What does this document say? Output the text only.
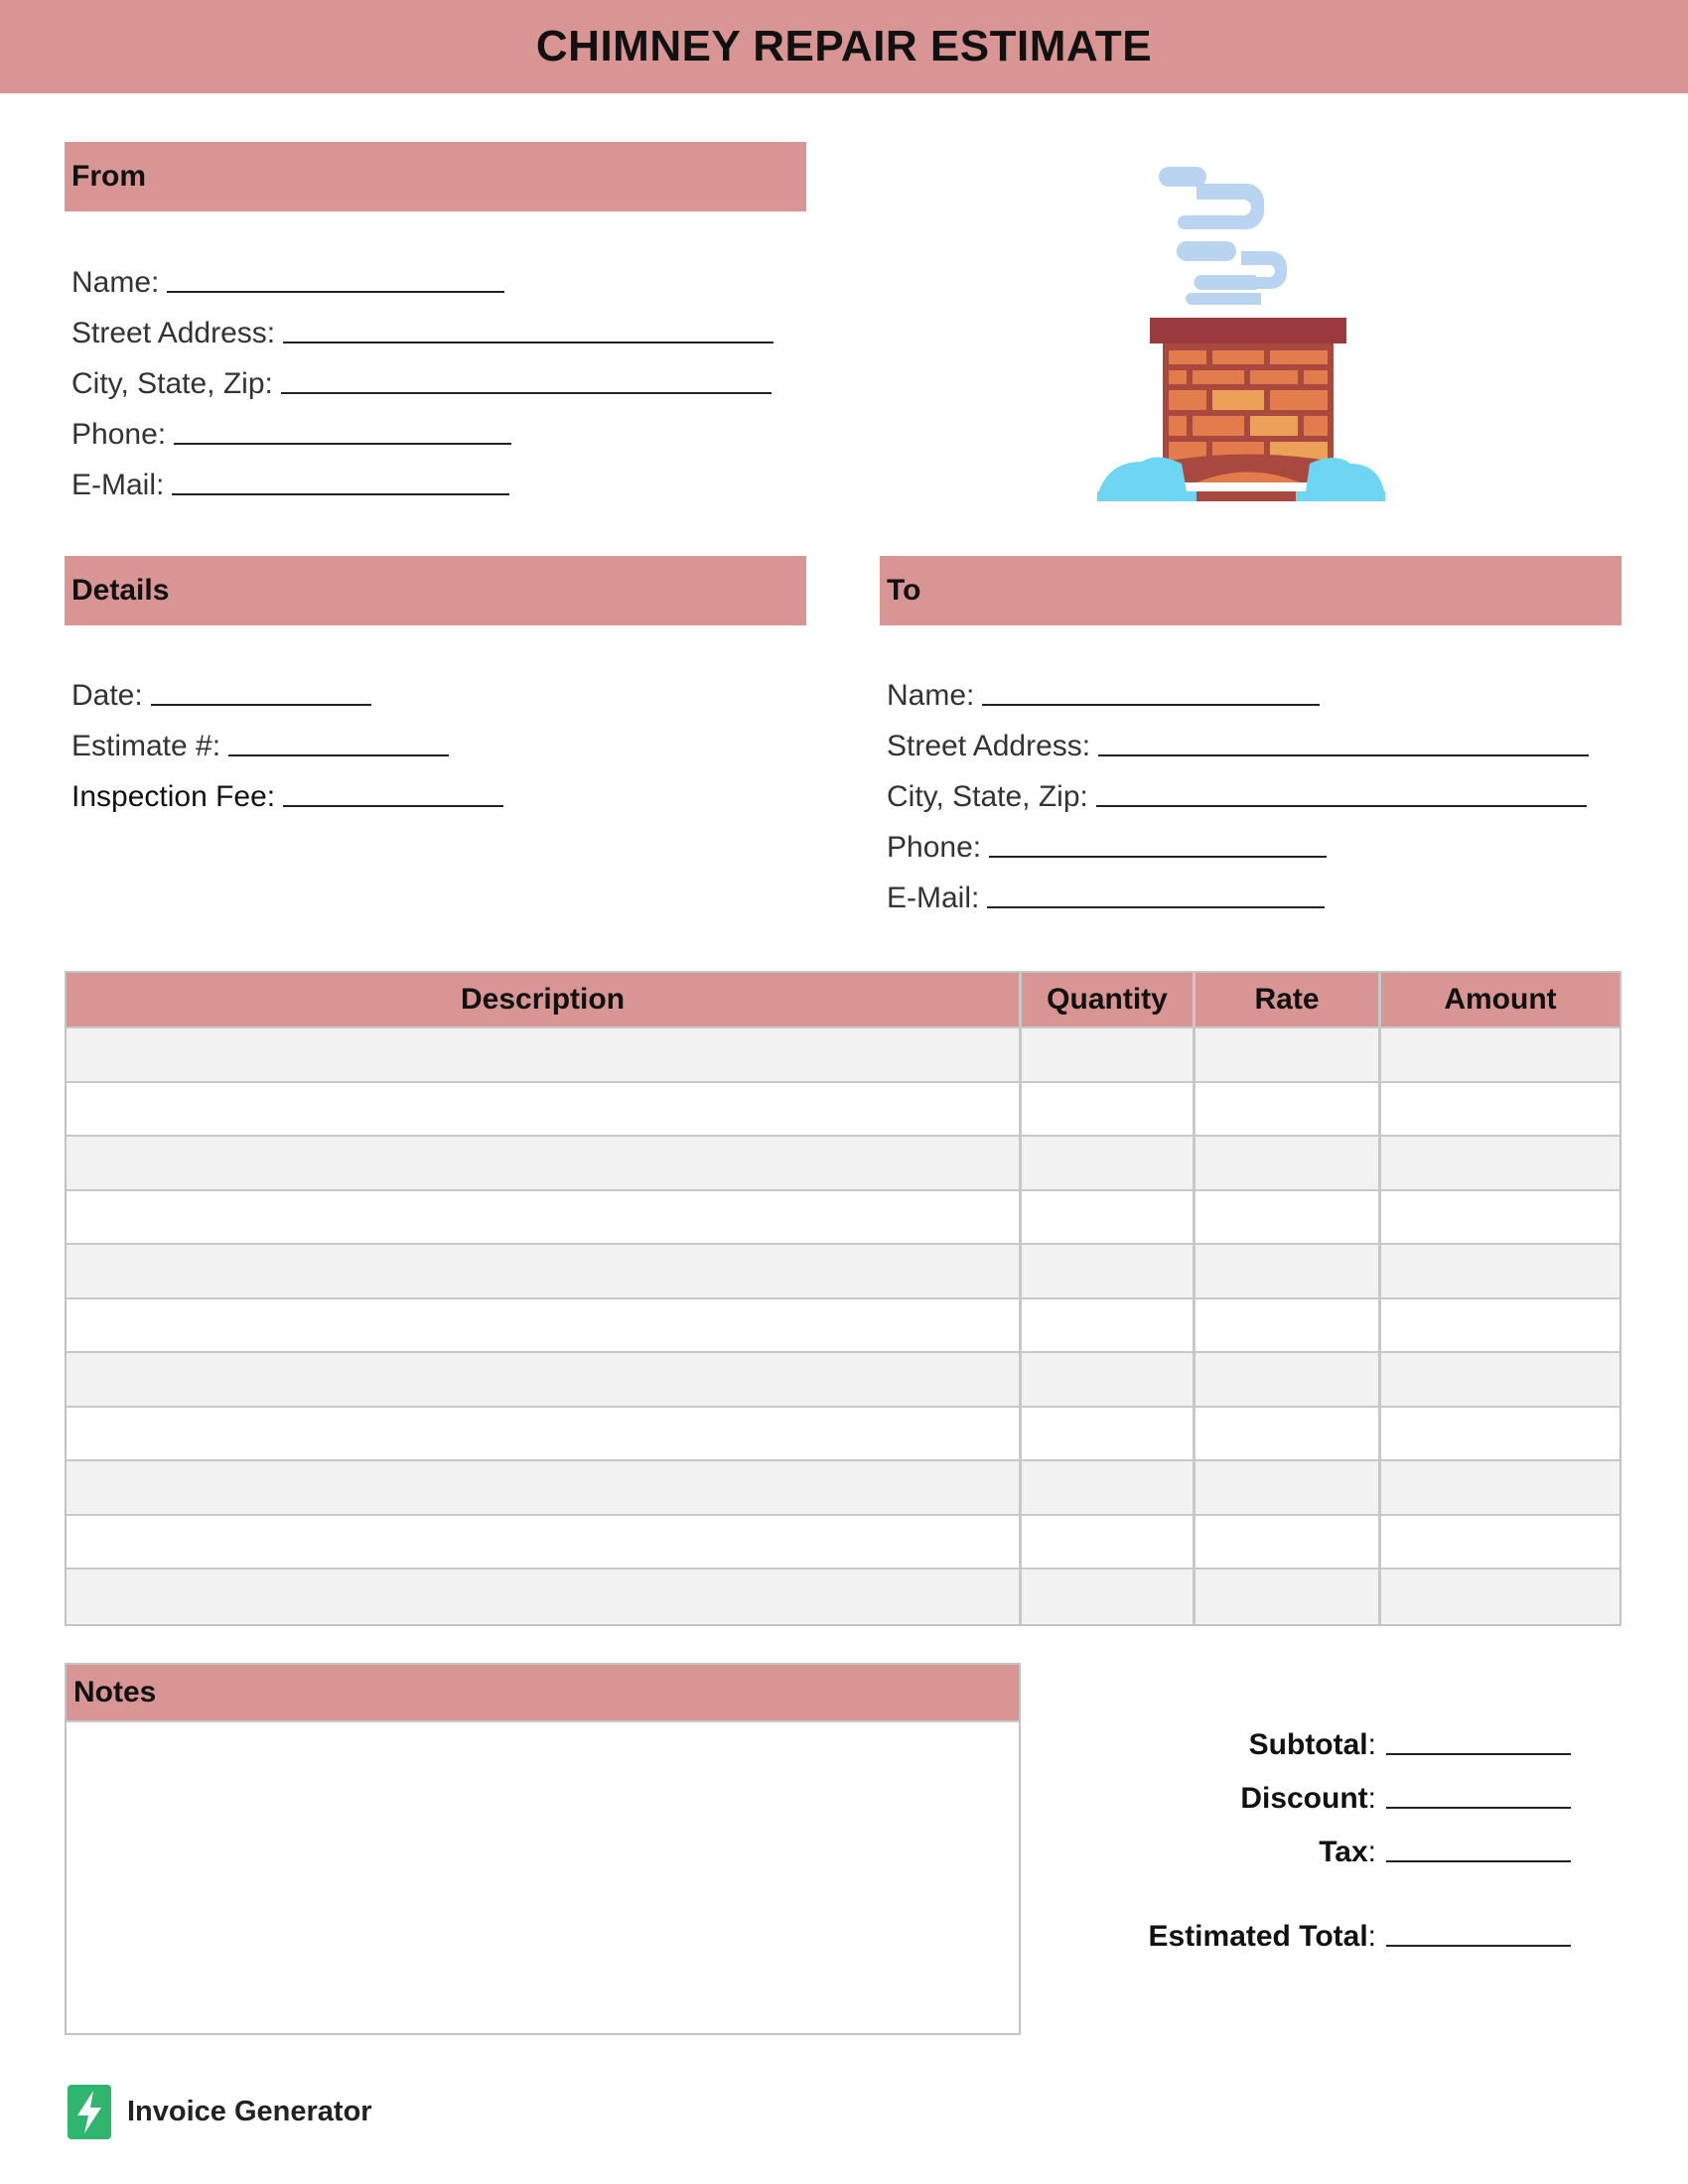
CHIMNEY REPAIR ESTIMATE
From
Name:
Street Address:
City, State, Zip:
Phone:
E-Mail:
Details
Date:
Estimate #:
Inspection Fee:
To
Name:
Street Address:
City, State, Zip:
Phone:
E-Mail:
Description	Quantity	Rate	Amount
Notes
Subtotal :
Discount :
Tax :
Estimated Total :
Invoice Generator
